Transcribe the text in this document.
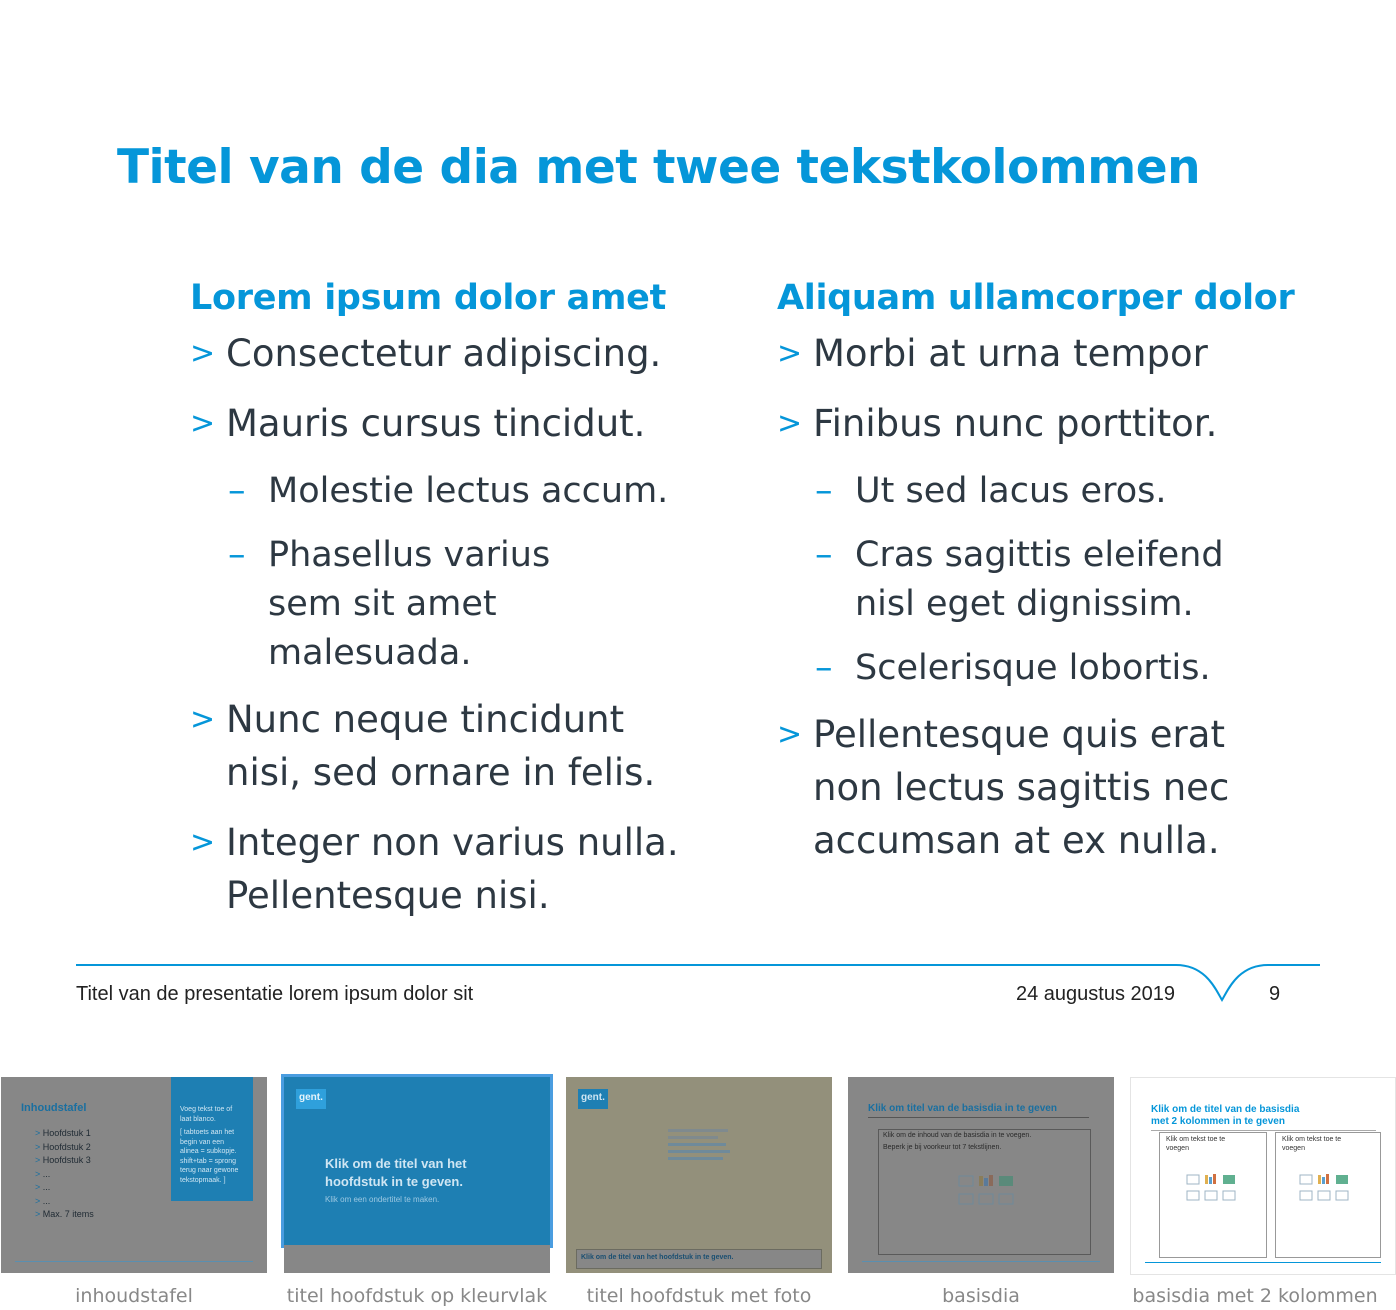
Titel van de dia met twee tekstkolommen
Lorem ipsum dolor amet
> Consectetur adipiscing.
> Mauris cursus tincidut.
– Molestie lectus accum.
– Phasellus varius sem sit amet malesuada.
> Nunc neque tincidunt nisi, sed ornare in felis.
> Integer non varius nulla. Pellentesque nisi.
Aliquam ullamcorper dolor
> Morbi at urna tempor
> Finibus nunc porttitor.
– Ut sed lacus eros.
– Cras sagittis eleifend nisl eget dignissim.
– Scelerisque lobortis.
> Pellentesque quis erat non lectus sagittis nec accumsan at ex nulla.
Titel van de presentatie lorem ipsum dolor sit	24 augustus 2019	9
Inhoudstafel
> Hoofdstuk 1
> Hoofdstuk 2
> Hoofdstuk 3
> ...
> ...
> ...
> Max. 7 items
Voeg tekst toe of
laat blanco.
[ tabtoets aan het
begin van een
alinea = subkopje.
shift+tab = sprong
terug naar gewone
tekstopmaak. ]
inhoudstafel
gent.
Klik om de titel van het
hoofdstuk in te geven.
Klik om een ondertitel te maken.
titel hoofdstuk op kleurvlak
gent.
Klik om de titel van het hoofdstuk in te geven.
titel hoofdstuk met foto
Klik om titel van de basisdia in te geven
Klik om de inhoud van de basisdia in te voegen.
Beperk je bij voorkeur tot 7 tekstlijnen.
basisdia
Klik om de titel van de basisdia
met 2 kolommen in te geven
Klik om tekst toe te
voegen
Klik om tekst toe te
voegen
basisdia met 2 kolommen
